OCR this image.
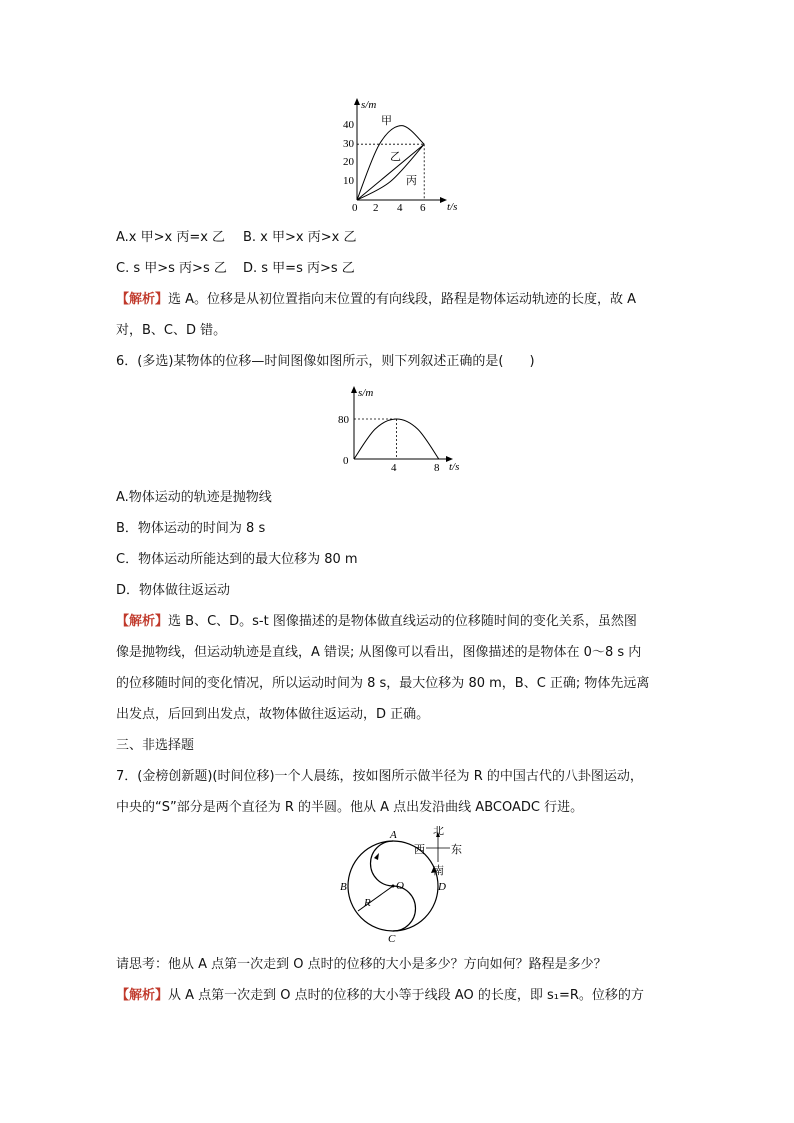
s/m
t/s
40
30
20
10
0 2 4 6
甲
乙
丙
A.x 甲>x 丙=x 乙 B. x 甲>x 丙>x 乙
C. s 甲>s 丙>s 乙 D. s 甲=s 丙>s 乙
【解析】选 A。位移是从初位置指向末位置的有向线段，路程是物体运动轨迹的长度，故 A
对，B、C、D 错。
6．(多选)某物体的位移—时间图像如图所示，则下列叙述正确的是(　　)
s/m
t/s
80
0
4	8
A.物体运动的轨迹是抛物线
B．物体运动的时间为 8 s
C．物体运动所能达到的最大位移为 80 m
D．物体做往返运动
【解析】选 B、C、D。s-t 图像描述的是物体做直线运动的位移随时间的变化关系，虽然图
像是抛物线，但运动轨迹是直线，A 错误; 从图像可以看出，图像描述的是物体在 0～8 s 内
的位移随时间的变化情况，所以运动时间为 8 s，最大位移为 80 m，B、C 正确; 物体先远离
出发点，后回到出发点，故物体做往返运动，D 正确。
三、非选择题
7．(金榜创新题)(时间位移)一个人晨练，按如图所示做半径为 R 的中国古代的八卦图运动，
中央的“S”部分是两个直径为 R 的半圆。他从 A 点出发沿曲线 ABCOADC 行进。
A
B
C
D
O
R
北
南
西 东
请思考：他从 A 点第一次走到 O 点时的位移的大小是多少？方向如何？路程是多少？
【解析】从 A 点第一次走到 O 点时的位移的大小等于线段 AO 的长度，即 s₁=R。位移的方
